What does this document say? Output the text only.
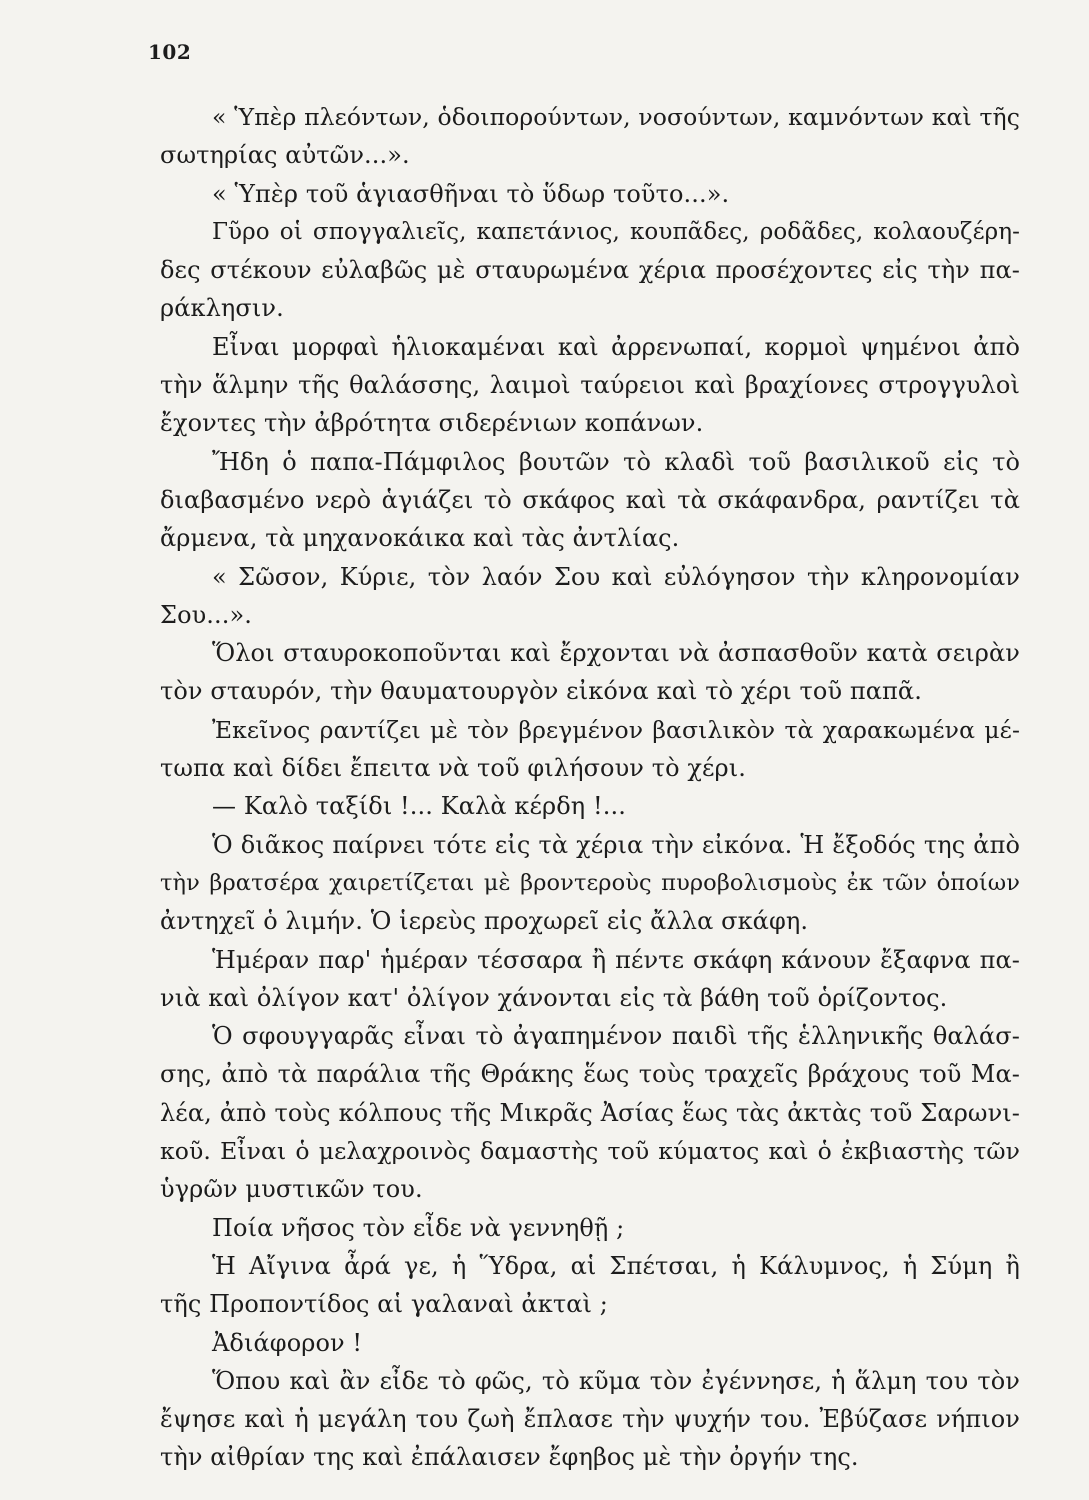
102
« Ὑπὲρ πλεόντων, ὁδοιπορούντων, νοσούντων, καμνόντων καὶ τῆς
σωτηρίας αὐτῶν...».
« Ὑπὲρ τοῦ ἁγιασθῆναι τὸ ὕδωρ τοῦτο...».
Γῦρο οἱ σπογγαλιεῖς, καπετάνιος, κουπᾶδες, ροδᾶδες, κολαουζέρη-
δες στέκουν εὐλαβῶς μὲ σταυρωμένα χέρια προσέχοντες εἰς τὴν πα-
ράκλησιν.
Εἶναι μορφαὶ ἡλιοκαμέναι καὶ ἀρρενωπαί, κορμοὶ ψημένοι ἀπὸ
τὴν ἅλμην τῆς θαλάσσης, λαιμοὶ ταύρειοι καὶ βραχίονες στρογγυλοὶ
ἔχοντες τὴν ἀβρότητα σιδερένιων κοπάνων.
Ἤδη ὁ παπα-Πάμφιλος βουτῶν τὸ κλαδὶ τοῦ βασιλικοῦ εἰς τὸ
διαβασμένο νερὸ ἁγιάζει τὸ σκάφος καὶ τὰ σκάφανδρα, ραντίζει τὰ
ἄρμενα, τὰ μηχανοκάικα καὶ τὰς ἀντλίας.
« Σῶσον, Κύριε, τὸν λαόν Σου καὶ εὐλόγησον τὴν κληρονομίαν
Σου...».
Ὅλοι σταυροκοποῦνται καὶ ἔρχονται νὰ ἀσπασθοῦν κατὰ σειρὰν
τὸν σταυρόν, τὴν θαυματουργὸν εἰκόνα καὶ τὸ χέρι τοῦ παπᾶ.
Ἐκεῖνος ραντίζει μὲ τὸν βρεγμένον βασιλικὸν τὰ χαρακωμένα μέ-
τωπα καὶ δίδει ἔπειτα νὰ τοῦ φιλήσουν τὸ χέρι.
— Καλὸ ταξίδι !... Καλὰ κέρδη !...
Ὁ διᾶκος παίρνει τότε εἰς τὰ χέρια τὴν εἰκόνα. Ἡ ἔξοδός της ἀπὸ
τὴν βρατσέρα χαιρετίζεται μὲ βροντεροὺς πυροβολισμοὺς ἐκ τῶν ὁποίων
ἀντηχεῖ ὁ λιμήν. Ὁ ἱερεὺς προχωρεῖ εἰς ἄλλα σκάφη.
Ἡμέραν παρ' ἡμέραν τέσσαρα ἢ πέντε σκάφη κάνουν ἔξαφνα πα-
νιὰ καὶ ὀλίγον κατ' ὀλίγον χάνονται εἰς τὰ βάθη τοῦ ὁρίζοντος.
Ὁ σφουγγαρᾶς εἶναι τὸ ἀγαπημένον παιδὶ τῆς ἑλληνικῆς θαλάσ-
σης, ἀπὸ τὰ παράλια τῆς Θράκης ἕως τοὺς τραχεῖς βράχους τοῦ Μα-
λέα, ἀπὸ τοὺς κόλπους τῆς Μικρᾶς Ἀσίας ἕως τὰς ἀκτὰς τοῦ Σαρωνι-
κοῦ. Εἶναι ὁ μελαχροινὸς δαμαστὴς τοῦ κύματος καὶ ὁ ἐκβιαστὴς τῶν
ὑγρῶν μυστικῶν του.
Ποία νῆσος τὸν εἶδε νὰ γεννηθῇ ;
Ἡ Αἴγινα ἆρά γε, ἡ Ὕδρα, αἱ Σπέτσαι, ἡ Κάλυμνος, ἡ Σύμη ἢ
τῆς Προποντίδος αἱ γαλαναὶ ἀκταὶ ;
Ἀδιάφορον !
Ὅπου καὶ ἂν εἶδε τὸ φῶς, τὸ κῦμα τὸν ἐγέννησε, ἡ ἅλμη του τὸν
ἔψησε καὶ ἡ μεγάλη του ζωὴ ἔπλασε τὴν ψυχήν του. Ἐβύζασε νήπιον
τὴν αἰθρίαν της καὶ ἐπάλαισεν ἔφηβος μὲ τὴν ὀργήν της.
